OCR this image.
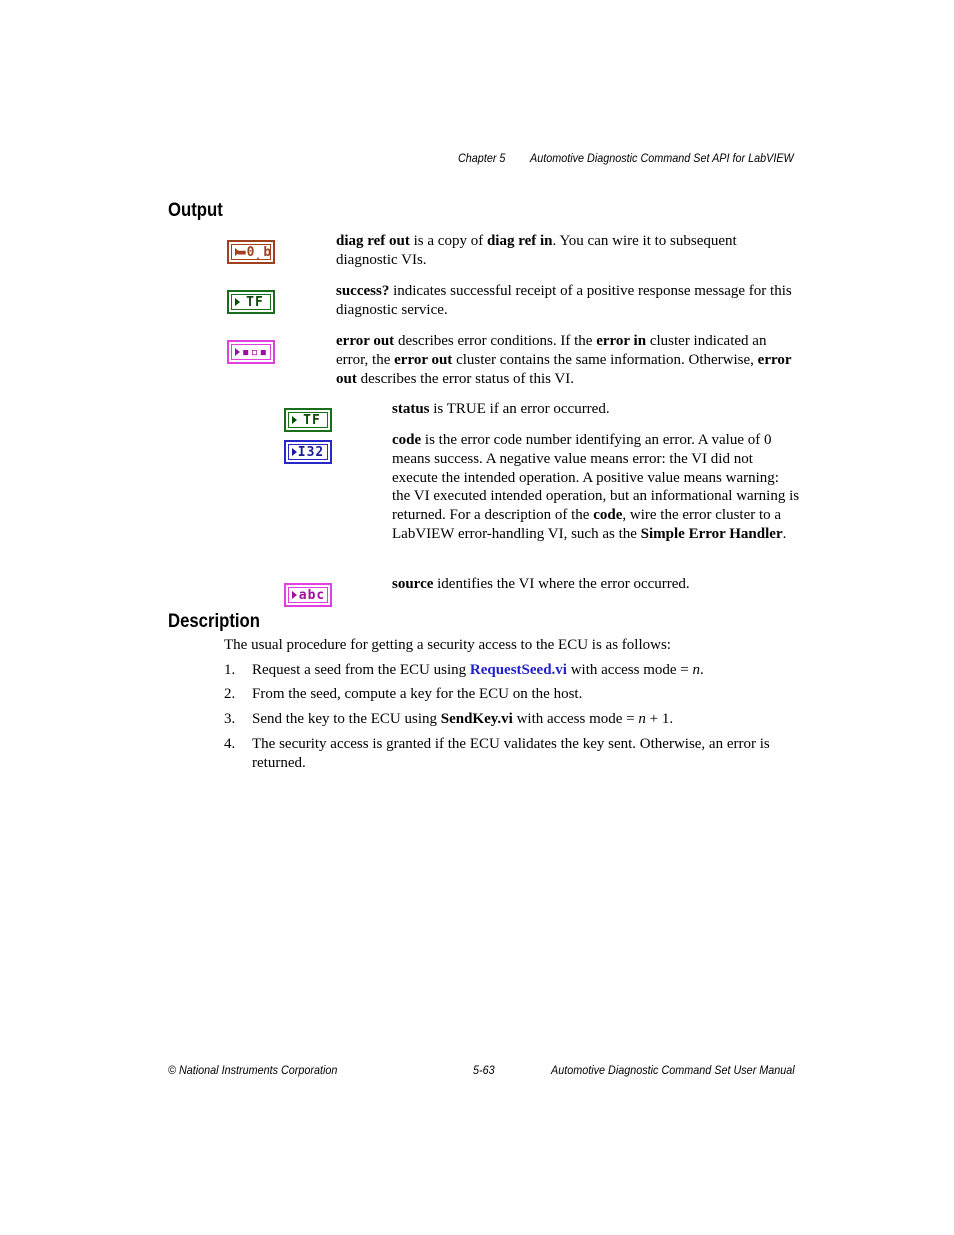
Chapter 5 Automotive Diagnostic Command Set API for LabVIEW
Output
▬0̦b
diag ref out is a copy of diag ref in. You can wire it to subsequent diagnostic VIs.
TF
success? indicates successful receipt of a positive response message for this diagnostic service.
▪▫▪
error out describes error conditions. If the error in cluster indicated an error, the error out cluster contains the same information. Otherwise, error out describes the error status of this VI.
TF
status is TRUE if an error occurred.
I32
code is the error code number identifying an error. A value of 0 means success. A negative value means error: the VI did not execute the intended operation. A positive value means warning: the VI executed intended operation, but an informational warning is returned. For a description of the code, wire the error cluster to a LabVIEW error-handling VI, such as the Simple Error Handler.
abc
source identifies the VI where the error occurred.
Description
The usual procedure for getting a security access to the ECU is as follows:
1. Request a seed from the ECU using RequestSeed.vi with access mode = n.
2. From the seed, compute a key for the ECU on the host.
3. Send the key to the ECU using SendKey.vi with access mode = n + 1.
4. The security access is granted if the ECU validates the key sent. Otherwise, an error is returned.
© National Instruments Corporation	5-63	Automotive Diagnostic Command Set User Manual
